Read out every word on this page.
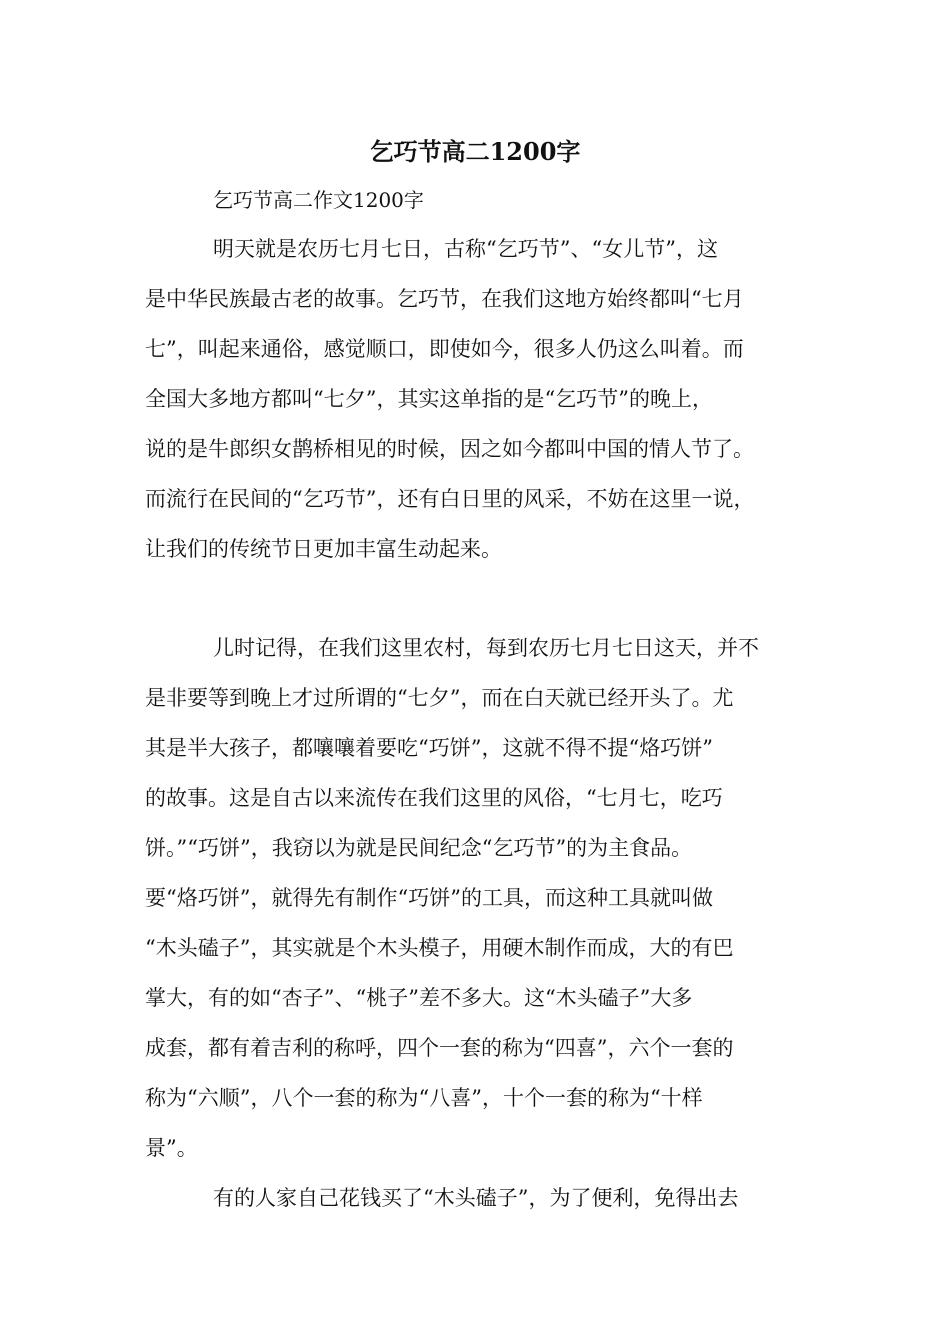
乞巧节高二1200字

乞巧节高二作文1200字

明天就是农历七月七日，古称“乞巧节”、“女儿节”，这

是中华民族最古老的故事。乞巧节，在我们这地方始终都叫“七月

七”，叫起来通俗，感觉顺口，即使如今，很多人仍这么叫着。而

全国大多地方都叫“七夕”，其实这单指的是“乞巧节”的晚上，

说的是牛郎织女鹊桥相见的时候，因之如今都叫中国的情人节了。

而流行在民间的“乞巧节”，还有白日里的风采，不妨在这里一说，

让我们的传统节日更加丰富生动起来。

儿时记得，在我们这里农村，每到农历七月七日这天，并不

是非要等到晚上才过所谓的“七夕”，而在白天就已经开头了。尤

其是半大孩子，都嚷嚷着要吃“巧饼”，这就不得不提“烙巧饼”

的故事。这是自古以来流传在我们这里的风俗，“七月七，吃巧

饼。”“巧饼”，我窃以为就是民间纪念“乞巧节”的为主食品。

要“烙巧饼”，就得先有制作“巧饼”的工具，而这种工具就叫做

“木头磕子”，其实就是个木头模子，用硬木制作而成，大的有巴

掌大，有的如“杏子”、“桃子”差不多大。这“木头磕子”大多

成套，都有着吉利的称呼，四个一套的称为“四喜”，六个一套的

称为“六顺”，八个一套的称为“八喜”，十个一套的称为“十样

景”。

有的人家自己花钱买了“木头磕子”，为了便利，免得出去
